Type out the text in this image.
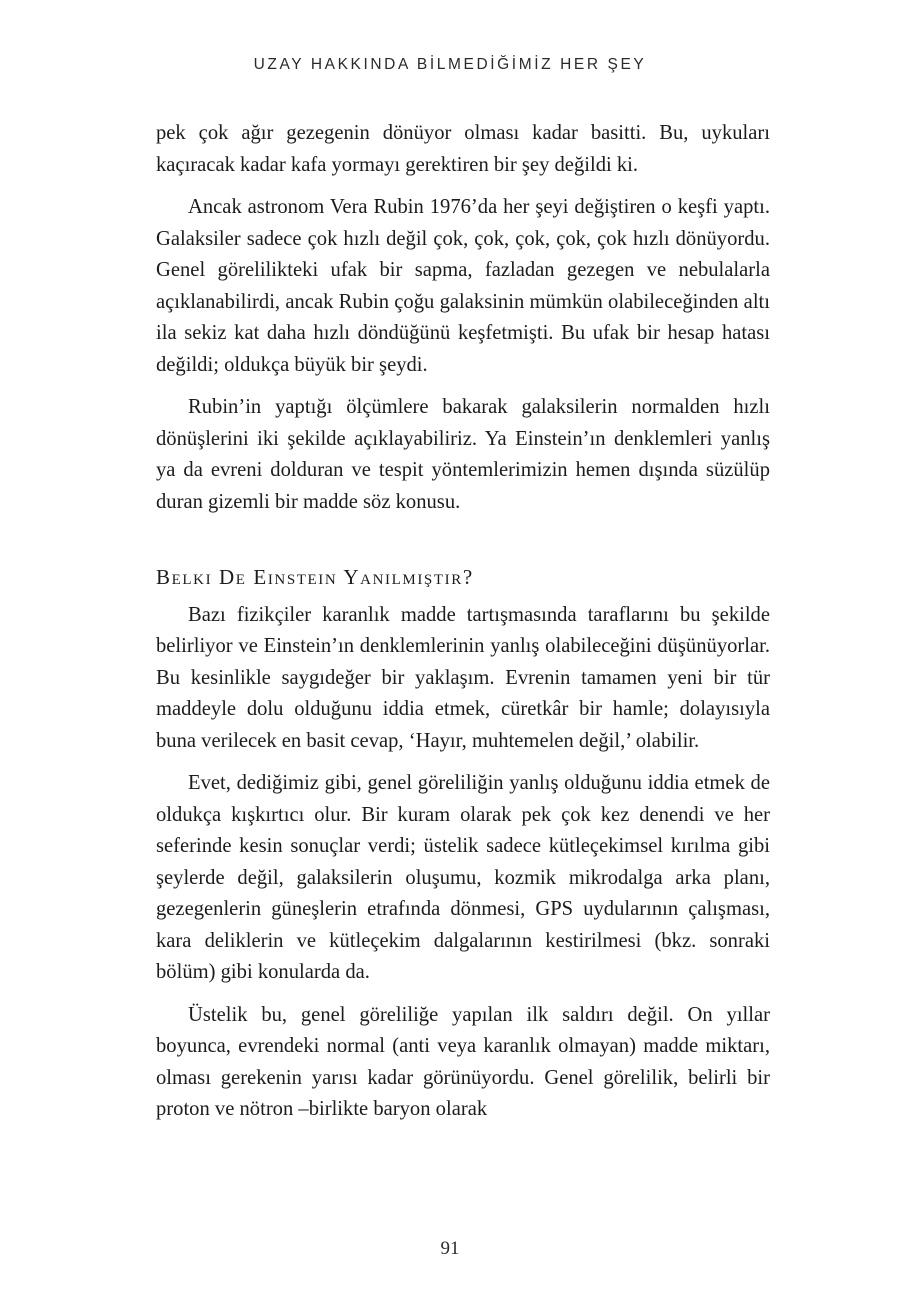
UZAY HAKKINDA BİLMEDİĞİMİZ HER ŞEY

pek çok ağır gezegenin dönüyor olması kadar basitti. Bu, uykuları kaçıracak kadar kafa yormayı gerektiren bir şey değildi ki.

Ancak astronom Vera Rubin 1976’da her şeyi değiştiren o keşfi yaptı. Galaksiler sadece çok hızlı değil çok, çok, çok, çok, çok hızlı dönüyordu. Genel görelilikteki ufak bir sapma, fazladan gezegen ve nebulalarla açıklanabilirdi, ancak Rubin çoğu galaksinin mümkün olabileceğinden altı ila sekiz kat daha hızlı döndüğünü keşfetmişti. Bu ufak bir hesap hatası değildi; oldukça büyük bir şeydi.

Rubin’in yaptığı ölçümlere bakarak galaksilerin normalden hızlı dönüşlerini iki şekilde açıklayabiliriz. Ya Einstein’ın denklemleri yanlış ya da evreni dolduran ve tespit yöntemlerimizin hemen dışında süzülüp duran gizemli bir madde söz konusu.

Belki De Einstein Yanılmıştır?

Bazı fizikçiler karanlık madde tartışmasında taraflarını bu şekilde belirliyor ve Einstein’ın denklemlerinin yanlış olabileceğini düşünüyorlar. Bu kesinlikle saygıdeğer bir yaklaşım. Evrenin tamamen yeni bir tür maddeyle dolu olduğunu iddia etmek, cüretkâr bir hamle; dolayısıyla buna verilecek en basit cevap, ‘Hayır, muhtemelen değil,’ olabilir.

Evet, dediğimiz gibi, genel göreliliğin yanlış olduğunu iddia etmek de oldukça kışkırtıcı olur. Bir kuram olarak pek çok kez denendi ve her seferinde kesin sonuçlar verdi; üstelik sadece kütleçekimsel kırılma gibi şeylerde değil, galaksilerin oluşumu, kozmik mikrodalga arka planı, gezegenlerin güneşlerin etrafında dönmesi, GPS uydularının çalışması, kara deliklerin ve kütleçekim dalgalarının kestirilmesi (bkz. sonraki bölüm) gibi konularda da.

Üstelik bu, genel göreliliğe yapılan ilk saldırı değil. On yıllar boyunca, evrendeki normal (anti veya karanlık olmayan) madde miktarı, olması gerekenin yarısı kadar görünüyordu. Genel görelilik, belirli bir proton ve nötron –birlikte baryon olarak

91
